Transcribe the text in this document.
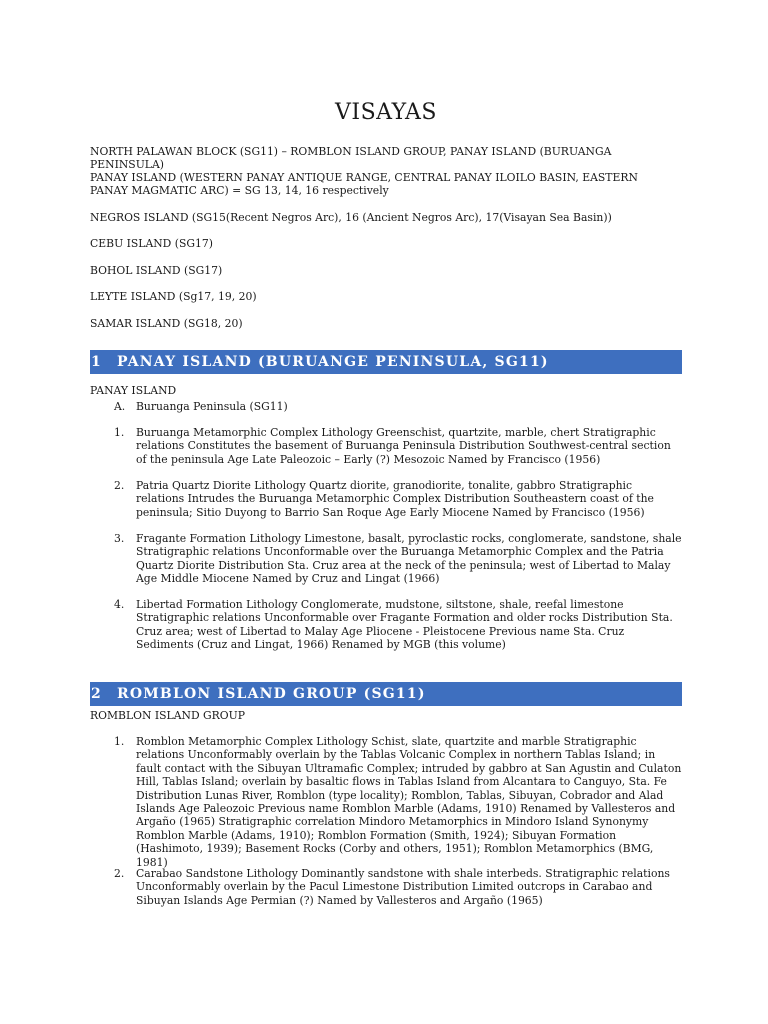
VISAYAS
NORTH PALAWAN BLOCK (SG11) – ROMBLON ISLAND GROUP, PANAY ISLAND (BURUANGA PENINSULA)
PANAY ISLAND (WESTERN PANAY ANTIQUE RANGE, CENTRAL PANAY ILOILO BASIN, EASTERN PANAY MAGMATIC ARC) = SG 13, 14, 16 respectively
NEGROS ISLAND (SG15(Recent Negros Arc), 16 (Ancient Negros Arc), 17(Visayan Sea Basin))
CEBU ISLAND (SG17)
BOHOL ISLAND (SG17)
LEYTE ISLAND (Sg17, 19, 20)
SAMAR ISLAND (SG18, 20)
1 PANAY ISLAND (BURUANGE PENINSULA, SG11)
PANAY ISLAND
A. Buruanga Peninsula (SG11)
1. Buruanga Metamorphic Complex Lithology Greenschist, quartzite, marble, chert Stratigraphic relations Constitutes the basement of Buruanga Peninsula Distribution Southwest-central section of the peninsula Age Late Paleozoic – Early (?) Mesozoic Named by Francisco (1956)
2. Patria Quartz Diorite Lithology Quartz diorite, granodiorite, tonalite, gabbro Stratigraphic relations Intrudes the Buruanga Metamorphic Complex Distribution Southeastern coast of the peninsula; Sitio Duyong to Barrio San Roque Age Early Miocene Named by Francisco (1956)
3. Fragante Formation Lithology Limestone, basalt, pyroclastic rocks, conglomerate, sandstone, shale Stratigraphic relations Unconformable over the Buruanga Metamorphic Complex and the Patria Quartz Diorite Distribution Sta. Cruz area at the neck of the peninsula; west of Libertad to Malay Age Middle Miocene Named by Cruz and Lingat (1966)
4. Libertad Formation Lithology Conglomerate, mudstone, siltstone, shale, reefal limestone Stratigraphic relations Unconformable over Fragante Formation and older rocks Distribution Sta. Cruz area; west of Libertad to Malay Age Pliocene - Pleistocene Previous name Sta. Cruz Sediments (Cruz and Lingat, 1966) Renamed by MGB (this volume)
2 ROMBLON ISLAND GROUP (SG11)
ROMBLON ISLAND GROUP
1. Romblon Metamorphic Complex Lithology Schist, slate, quartzite and marble Stratigraphic relations Unconformably overlain by the Tablas Volcanic Complex in northern Tablas Island; in fault contact with the Sibuyan Ultramafic Complex; intruded by gabbro at San Agustin and Culaton Hill, Tablas Island; overlain by basaltic flows in Tablas Island from Alcantara to Canguyo, Sta. Fe Distribution Lunas River, Romblon (type locality); Romblon, Tablas, Sibuyan, Cobrador and Alad Islands Age Paleozoic Previous name Romblon Marble (Adams, 1910) Renamed by Vallesteros and Argaño (1965) Stratigraphic correlation Mindoro Metamorphics in Mindoro Island Synonymy Romblon Marble (Adams, 1910); Romblon Formation (Smith, 1924); Sibuyan Formation (Hashimoto, 1939); Basement Rocks (Corby and others, 1951); Romblon Metamorphics (BMG, 1981)
2. Carabao Sandstone Lithology Dominantly sandstone with shale interbeds. Stratigraphic relations Unconformably overlain by the Pacul Limestone Distribution Limited outcrops in Carabao and Sibuyan Islands Age Permian (?) Named by Vallesteros and Argaño (1965)
